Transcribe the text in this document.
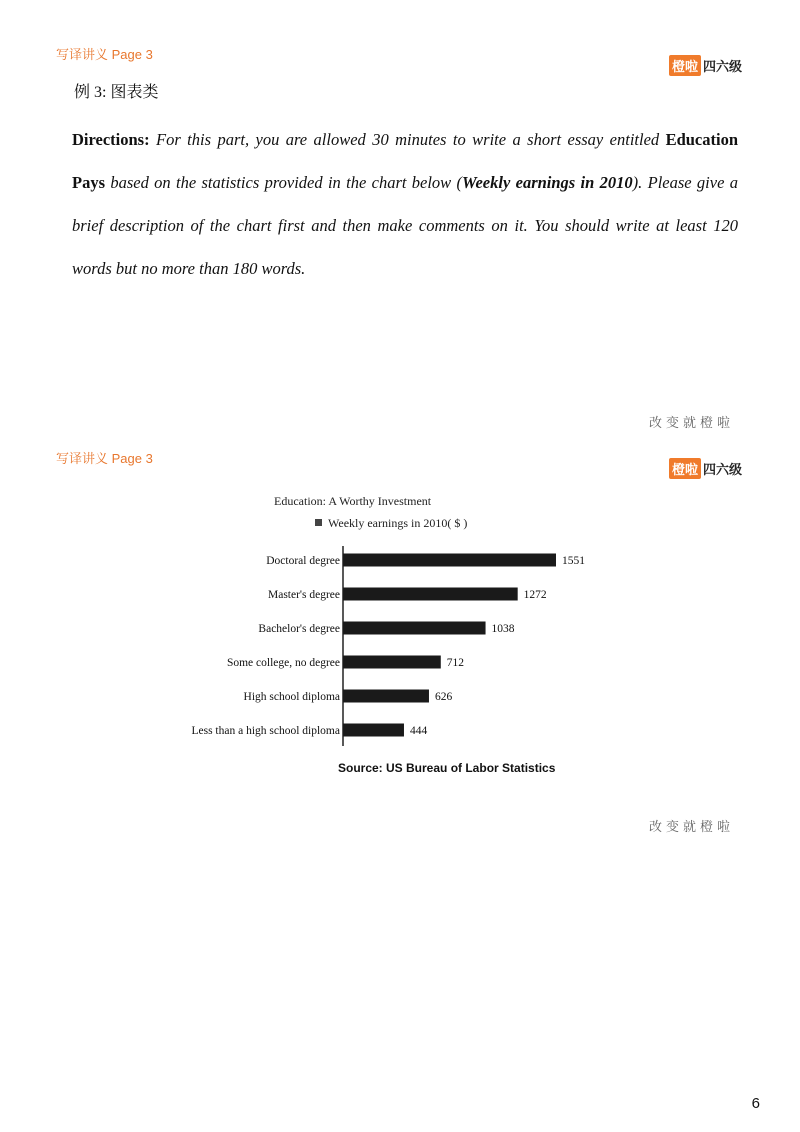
写译讲义 Page 3
橙啦 四六级
例 3: 图表类
Directions: For this part, you are allowed 30 minutes to write a short essay entitled Education Pays based on the statistics provided in the chart below (Weekly earnings in 2010). Please give a brief description of the chart first and then make comments on it. You should write at least 120 words but no more than 180 words.
改变就橙啦
写译讲义 Page 3
橙啦 四六级
Education: A Worthy Investment
Weekly earnings in 2010( $ )
Doctoral degree	1551
Master's degree	1272
Bachelor's degree	1038
Some college, no degree	712
High school diploma	626
Less than a high school diploma	444
Source: US Bureau of Labor Statistics
改变就橙啦
6
